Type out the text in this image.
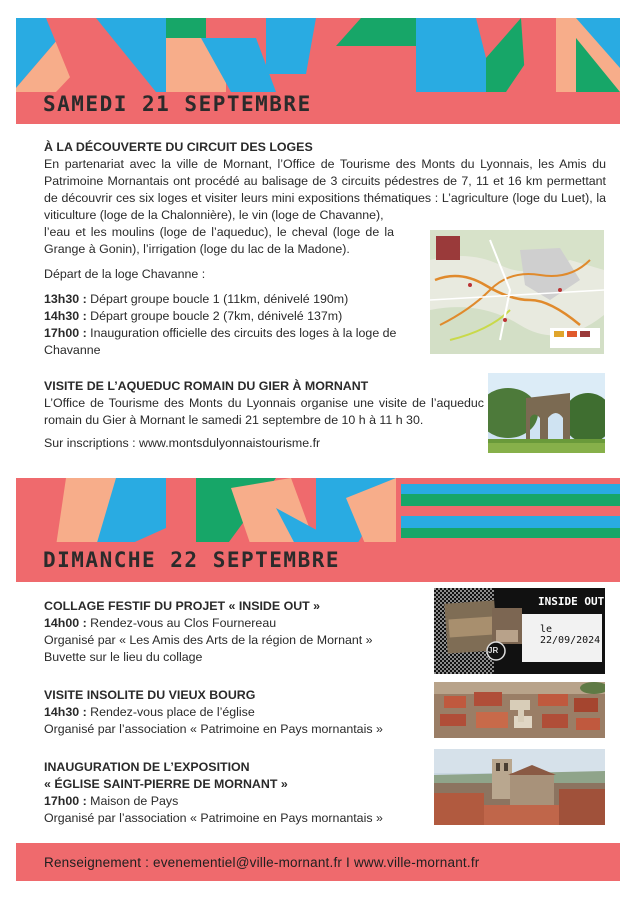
SAMEDI 21 SEPTEMBRE
À LA DÉCOUVERTE DU CIRCUIT DES LOGES

En partenariat avec la ville de Mornant, l’Office de Tourisme des Monts du Lyonnais, les Amis du Patrimoine Mornantais ont procédé au balisage de 3 circuits pédestres de 7, 11 et 16 km permettant de découvrir ces six loges et visiter leurs mini expositions thématiques : L’agriculture (loge du Luet), la viticulture (loge de la Chalonnière), le vin (loge de Chavanne),

l’eau et les moulins (loge de l’aqueduc), le cheval (loge de la Grange à Gonin), l’irrigation (loge du lac de la Madone).

Départ de la loge Chavanne :

13h30 : Départ groupe boucle 1 (11km, dénivelé 190m)

14h30 : Départ groupe boucle 2 (7km, dénivelé 137m)

17h00 : Inauguration officielle des circuits des loges à la loge de Chavanne

VISITE DE L’AQUEDUC ROMAIN DU GIER À MORNANT

L’Office de Tourisme des Monts du Lyonnais organise une visite de l’aqueduc romain du Gier à Mornant le samedi 21 septembre de 10 h à 11 h 30.

Sur inscriptions : www.montsdulyonnaistourisme.fr

DIMANCHE 22 SEPTEMBRE
COLLAGE FESTIF DU PROJET « INSIDE OUT »

14h00 : Rendez-vous au Clos Fournereau

Organisé par « Les Amis des Arts de la région de Mornant »

Buvette sur le lieu du collage

INSIDE OUT
le 22/09/2024
JR
VISITE INSOLITE DU VIEUX BOURG

14h30 : Rendez-vous place de l’église

Organisé par l’association « Patrimoine en Pays mornantais »

INAUGURATION DE L’EXPOSITION
« ÉGLISE SAINT-PIERRE DE MORNANT »

17h00 : Maison de Pays

Organisé par l’association « Patrimoine en Pays mornantais »

Renseignement : evenementiel@ville-mornant.fr I www.ville-mornant.fr
